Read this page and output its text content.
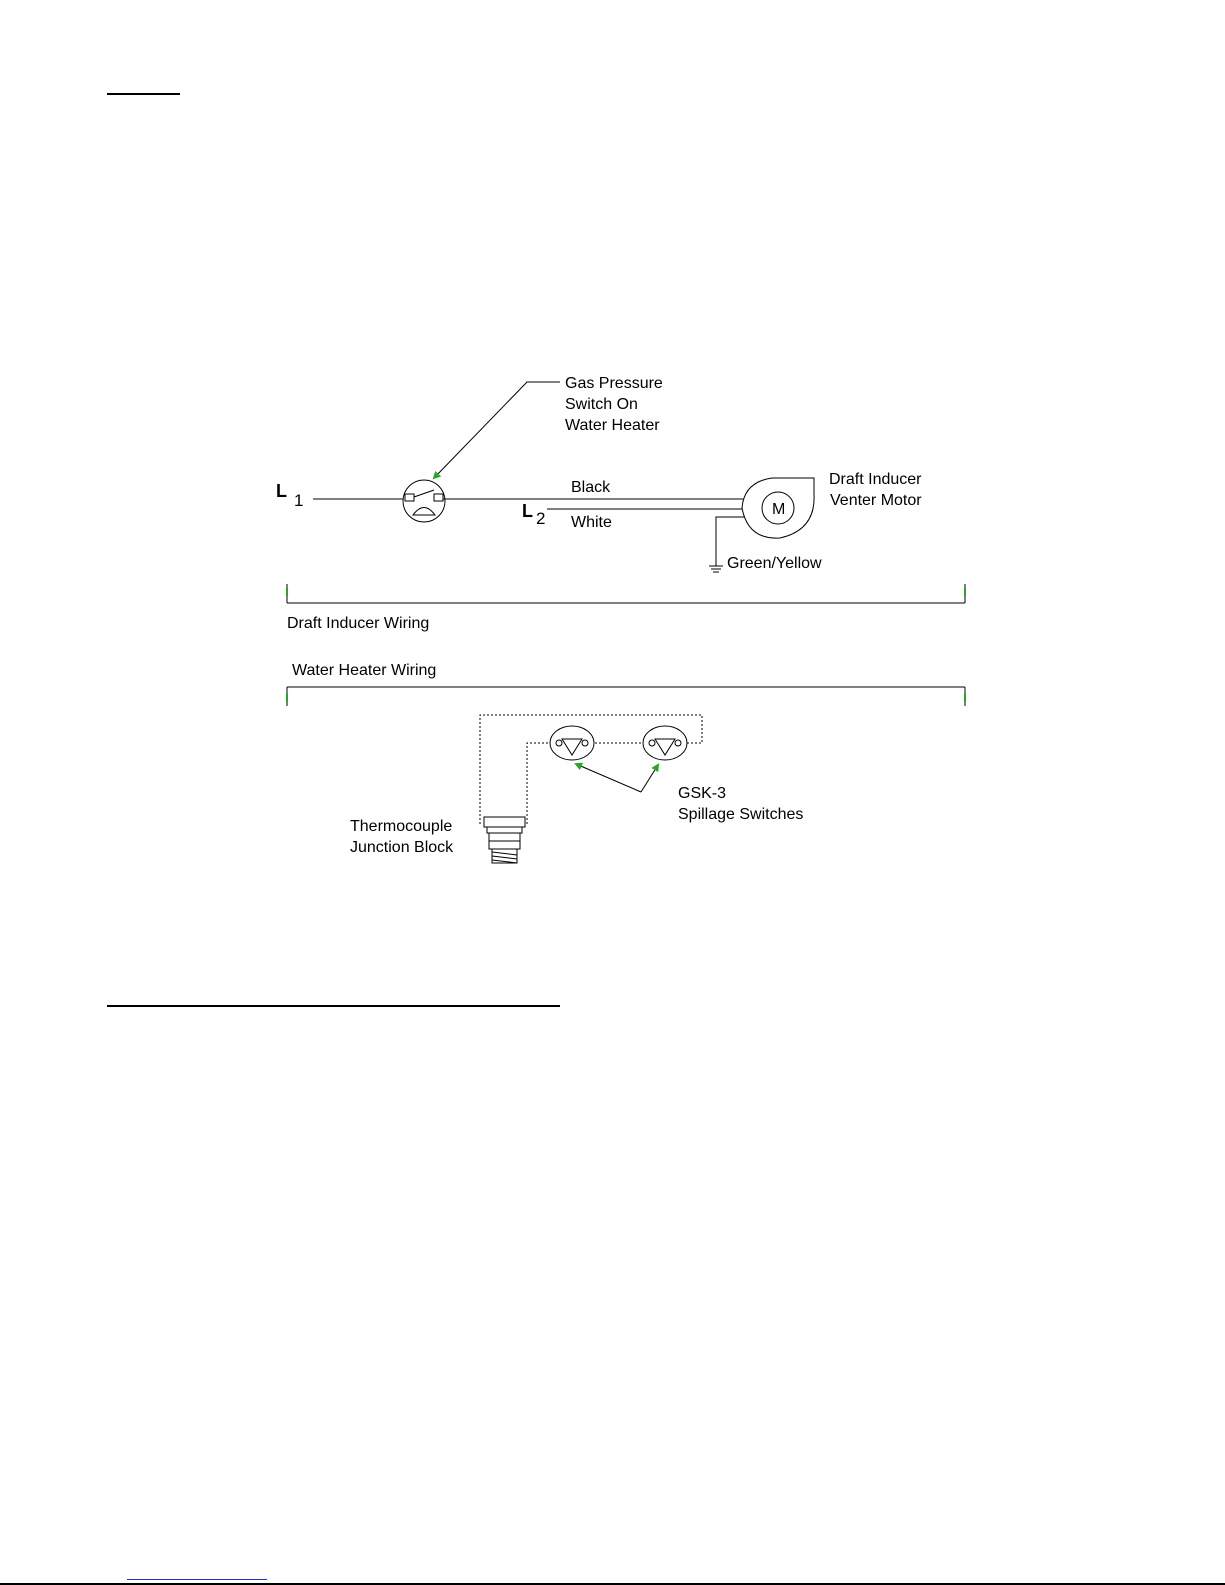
Gas Pressure
Switch On
Water Heater
L 1
Black
L 2 White
Green/Yellow
M
Draft Inducer
Venter Motor
Draft Inducer Wiring
Water Heater Wiring
GSK-3
Spillage Switches
Thermocouple
Junction Block
